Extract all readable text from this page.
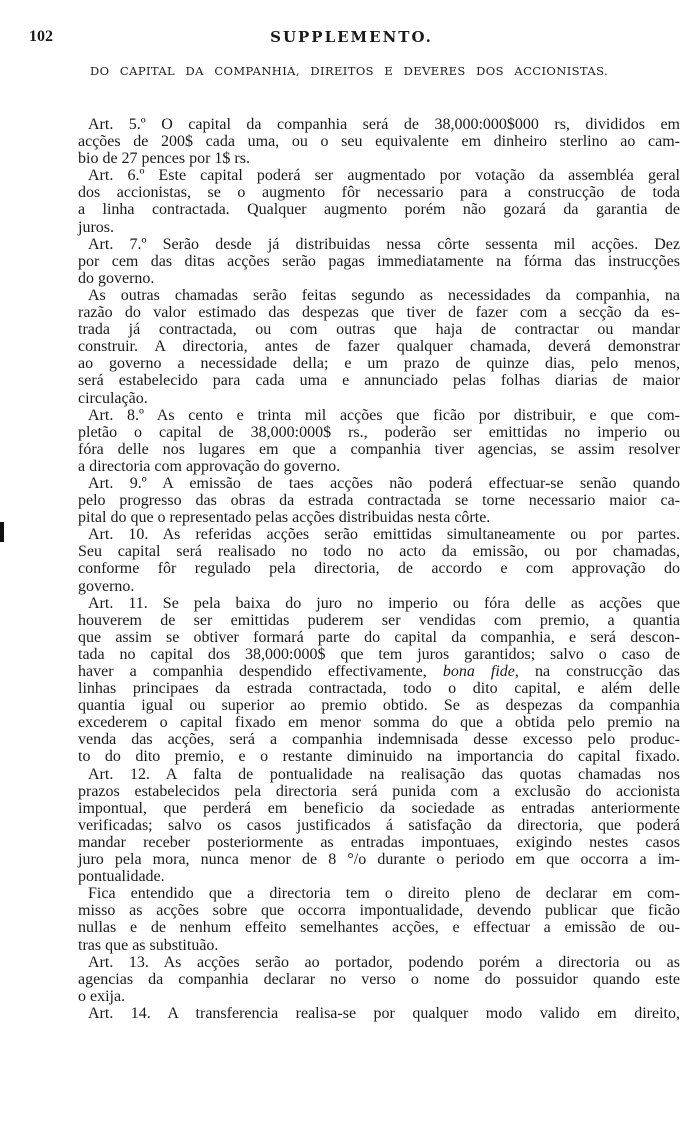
102	SUPPLEMENTO.
DO CAPITAL DA COMPANHIA, DIREITOS E DEVERES DOS ACCIONISTAS.
Art. 5.º O capital da companhia será de 38,000:000$000 rs, divididos em
acções de 200$ cada uma, ou o seu equivalente em dinheiro sterlino ao cam-
bio de 27 pences por 1$ rs.
Art. 6.º Este capital poderá ser augmentado por votação da assembléa geral
dos accionistas, se o augmento fôr necessario para a construcção de toda
a linha contractada. Qualquer augmento porém não gozará da garantia de
juros.
Art. 7.º Serão desde já distribuidas nessa côrte sessenta mil acções. Dez
por cem das ditas acções serão pagas immediatamente na fórma das instrucções
do governo.
As outras chamadas serão feitas segundo as necessidades da companhia, na
razão do valor estimado das despezas que tiver de fazer com a secção da es-
trada já contractada, ou com outras que haja de contractar ou mandar
construir. A directoria, antes de fazer qualquer chamada, deverá demonstrar
ao governo a necessidade della; e um prazo de quinze dias, pelo menos,
será estabelecido para cada uma e annunciado pelas folhas diarias de maior
circulação.
Art. 8.º As cento e trinta mil acções que ficão por distribuir, e que com-
pletão o capital de 38,000:000$ rs., poderão ser emittidas no imperio ou
fóra delle nos lugares em que a companhia tiver agencias, se assim resolver
a directoria com approvação do governo.
Art. 9.º A emissão de taes acções não poderá effectuar-se senão quando
pelo progresso das obras da estrada contractada se torne necessario maior ca-
pital do que o representado pelas acções distribuidas nesta côrte.
Art. 10. As referidas acções serão emittidas simultaneamente ou por partes.
Seu capital será realisado no todo no acto da emissão, ou por chamadas,
conforme fôr regulado pela directoria, de accordo e com approvação do
governo.
Art. 11. Se pela baixa do juro no imperio ou fóra delle as acções que
houverem de ser emittidas puderem ser vendidas com premio, a quantia
que assim se obtiver formará parte do capital da companhia, e será descon-
tada no capital dos 38,000:000$ que tem juros garantidos; salvo o caso de
haver a companhia despendido effectivamente, bona fide, na construcção das
linhas principaes da estrada contractada, todo o dito capital, e além delle
quantia igual ou superior ao premio obtido. Se as despezas da companhia
excederem o capital fixado em menor somma do que a obtida pelo premio na
venda das acções, será a companhia indemnisada desse excesso pelo produc-
to do dito premio, e o restante diminuido na importancia do capital fixado.
Art. 12. A falta de pontualidade na realisação das quotas chamadas nos
prazos estabelecidos pela directoria será punida com a exclusão do accionista
impontual, que perderá em beneficio da sociedade as entradas anteriormente
verificadas; salvo os casos justificados á satisfação da directoria, que poderá
mandar receber posteriormente as entradas impontuaes, exigindo nestes casos
juro pela mora, nunca menor de 8 °/o durante o periodo em que occorra a im-
pontualidade.
Fica entendido que a directoria tem o direito pleno de declarar em com-
misso as acções sobre que occorra impontualidade, devendo publicar que ficão
nullas e de nenhum effeito semelhantes acções, e effectuar a emissão de ou-
tras que as substituão.
Art. 13. As acções serão ao portador, podendo porém a directoria ou as
agencias da companhia declarar no verso o nome do possuidor quando este
o exija.
Art. 14. A transferencia realisa-se por qualquer modo valido em direito,
